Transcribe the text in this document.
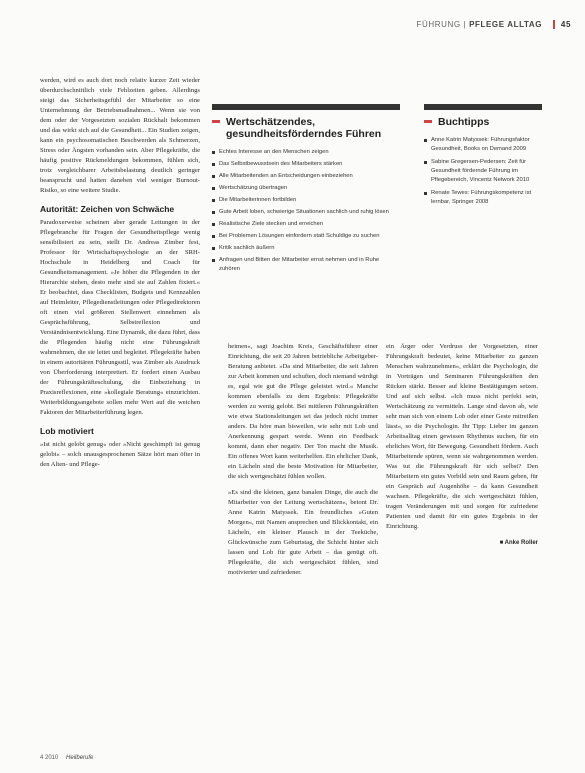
FÜHRUNG | PFLEGE ALLTAG 45

werden, wird es auch dort noch relativ kurzer Zeit wieder überdurchschnittlich viele Fehlzeiten geben. Allerdings steigt das Sicherheitsgefühl der Mitarbeiter so eine Unternehmung der Betriebsmaßnahmen... Wenn sie von dem oder der Vorgesetzten sozialen Rückhalt bekommen und das wirkt sich auf die Gesundheit... Ein Studien zeigen, kann ein psychosomatischen Beschwerden als Schmerzen, Stress oder Ängsten vorhanden sein. Aber Pflegekräfte, die häufig positive Rückmeldungen bekommen, fühlen sich, trotz vergleichbarer Arbeitsbelastung deutlich geringer beansprucht und hatten daneben viel weniger Burnout-Risiko, so eine weitere Studie.

Autorität: Zeichen von Schwäche

Paradoxerweise scheinen aber gerade Leitungen in der Pflegebranche für Fragen der Gesundheitspflege wenig sensibilisiert zu sein, stellt Dr. Andreas Zimber fest, Professor für Wirtschaftspsychologie an der SRH-Hochschule in Heidelberg und Coach für Gesundheitsmanagement. »Je höher die Pflegenden in der Hierarchie stehen, desto mehr sind sie auf Zahlen fixiert.« Er beobachtet, dass Checklisten, Budgets und Kennzahlen auf Heimleiter, Pflegedienstleitungen oder Pflegedirektoren oft einen viel größeren Stellenwert einnehmen als Gesprächsführung, Selbstreflexion und Verständnisentwicklung. Eine Dynamik, die dazu führt, dass die Pflegenden häufig nicht eine Führungskraft wahrnehmen, die sie leitet und begleitet. Pflegekräfte haben in einem autoritären Führungsstil, was Zimber als Ausdruck von Überforderung interpretiert. Er fordert einen Ausbau der Führungskräfteschulung, die Einbeziehung in Praxisreflexionen, eine »kollegiale Beratung« einzurichten. Weiterbildungsangebote sollen mehr Wert auf die weichen Faktoren der Mitarbeiterführung legen.

Lob motiviert

»Ist nicht gelobt genug« oder »Nicht geschimpft ist genug gelobt« – solch unausgesprochenen Sätze hört man öfter in den Alten- und Pflege-

Wertschätzendes, gesundheitsförderndes Führen
Echtes Interesse an den Menschen zeigen
Das Selbstbewusstsein des Mitarbeiters stärken
Alle Mitarbeitenden an Entscheidungen einbeziehen
Wertschätzung übertragen
Die Mitarbeiterinnen fortbilden
Gute Arbeit loben, schwierige Situationen sachlich und ruhig lösen
Realistische Ziele stecken und erreichen
Bei Problemen Lösungen einfordern statt Schuldige zu suchen
Kritik sachlich äußern
Anfragen und Bitten der Mitarbeiter ernst nehmen und in Ruhe zuhören
Buchtipps
Anne Katrin Matyssek: Führungsfaktor Gesundheit, Books on Demand 2009
Sabine Gregersen-Pedersen: Zeit für Gesundheit fördernde Führung im Pflegebereich, Vincentz Network 2010
Renate Tewes: Führungskompetenz ist lernbar, Springer 2008

heimen«, sagt Joachim Kreis, Geschäftsführer einer Einrichtung, die seit 20 Jahren betriebliche Arbeitgeber-Beratung anbietet. »Da sind Mitarbeiter, die seit Jahren zur Arbeit kommen und schuften, doch niemand würdigt es, egal wie gut die Pflege geleistet wird.« Manche kommen ebenfalls zu dem Ergebnis: Pflegekräfte werden zu wenig gelobt. Bei mittleren Führungskräften wie etwa Stationsleitungen sei das jedoch nicht immer anders. Da höre man bisweilen, wie sehr mit Lob und Anerkennung gespart werde. Wenn ein Feedback kommt, dann eher negativ. Der Ton macht die Musik. Ein offenes Wort kann weiterhelfen. Ein ehrlicher Dank, ein Lächeln sind die beste Motivation für Mitarbeiter, die sich wertgeschätzt fühlen wollen.

»Es sind die kleinen, ganz banalen Dinge, die auch die Mitarbeiter von der Leitung wertschätzen«, betont Dr. Anne Katrin Matyssek. Ein freundliches »Guten Morgen«, mit Namen ansprechen und Blickkontakt, ein Lächeln, ein kleiner Plausch in der Teeküche, Glückwünsche zum Geburtstag, die Schicht hinter sich lassen und Lob für gute Arbeit – das genügt oft. Pflegekräfte, die sich wertgeschätzt fühlen, sind motivierter und zufriedener.

ein Ärger oder Verdruss der Vorgesetzten, einer Führungskraft bedeutet, keine Mitarbeiter zu ganzen Menschen wahrzunehmen«, erklärt die Psychologin, die in Vorträgen und Seminaren Führungskräften den Rücken stärkt. Besser auf kleine Bestätigungen setzen. Und auf sich selbst. »Ich muss nicht perfekt sein, Wertschätzung zu vermitteln. Lange sind davon ab, wie sehr man sich von einem Lob oder einer Geste mitreißen lässt«, so die Psychologin. Ihr Tipp: Lieber im ganzen Arbeitsalltag einen gewissen Rhythmus suchen, für ein ehrliches Wort, für Bewegung. Gesundheit fördern. Auch Mitarbeitende spüren, wenn sie wahrgenommen werden. Was tut die Führungskraft für sich selbst? Den Mitarbeitern ein gutes Vorbild sein und Raum geben, für ein Gespräch auf Augenhöhe – da kann Gesundheit wachsen. Pflegekräfte, die sich wertgeschätzt fühlen, tragen Veränderungen mit und sorgen für zufriedene Patienten und damit für ein gutes Ergebnis in der Einrichtung.

■ Anke Roller
4 2010 Heilberufe
